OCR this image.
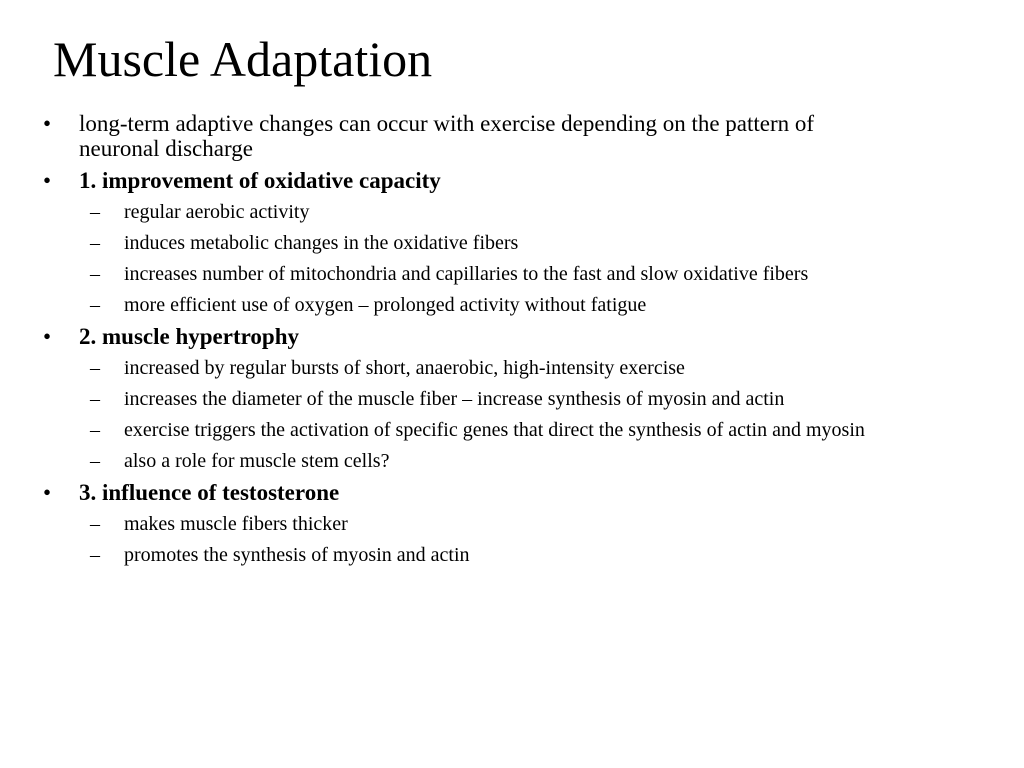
Muscle Adaptation
• long-term adaptive changes can occur with exercise depending on the pattern of neuronal discharge
• 1. improvement of oxidative capacity
– regular aerobic activity
– induces metabolic changes in the oxidative fibers
– increases number of mitochondria and capillaries to the fast and slow oxidative fibers
– more efficient use of oxygen – prolonged activity without fatigue
• 2. muscle hypertrophy
– increased by regular bursts of short, anaerobic, high-intensity exercise
– increases the diameter of the muscle fiber – increase synthesis of myosin and actin
– exercise triggers the activation of specific genes that direct the synthesis of actin and myosin
– also a role for muscle stem cells?
• 3. influence of testosterone
– makes muscle fibers thicker
– promotes the synthesis of myosin and actin
